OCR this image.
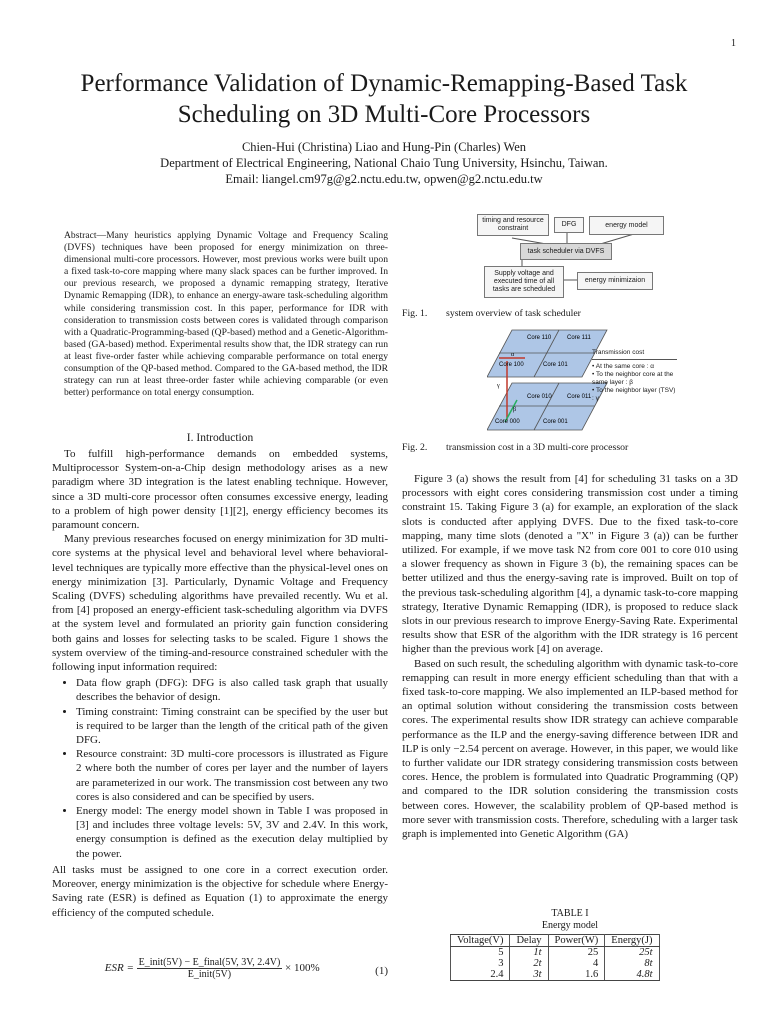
1
Performance Validation of Dynamic-Remapping-Based Task Scheduling on 3D Multi-Core Processors
Chien-Hui (Christina) Liao and Hung-Pin (Charles) Wen
Department of Electrical Engineering, National Chaio Tung University, Hsinchu, Taiwan.
Email: liangel.cm97g@g2.nctu.edu.tw, opwen@g2.nctu.edu.tw
Abstract—Many heuristics applying Dynamic Voltage and Frequency Scaling (DVFS) techniques have been proposed for energy minimization on three-dimensional multi-core processors. However, most previous works were built upon a fixed task-to-core mapping where many slack spaces can be further improved. In our previous research, we proposed a dynamic remapping strategy, Iterative Dynamic Remapping (IDR), to enhance an energy-aware task-scheduling algorithm while considering transmission cost. In this paper, performance for IDR with consideration to transmission costs between cores is validated through comparison with a Quadratic-Programming-based (QP-based) method and a Genetic-Algorithm-based (GA-based) method. Experimental results show that, the IDR strategy can run at least five-order faster while achieving comparable performance on total energy consumption of the QP-based method. Compared to the GA-based method, the IDR strategy can run at least three-order faster while achieving comparable (or even better) performance on total energy consumption.
I. Introduction

To fulfill high-performance demands on embedded systems, Multiprocessor System-on-a-Chip design methodology arises as a new paradigm where 3D integration is the latest enabling technique. However, since a 3D multi-core processor often consumes excessive energy, leading to a problem of high power density [1][2], energy efficiency becomes its paramount concern.

Many previous researches focused on energy minimization for 3D multi-core systems at the physical level and behavioral level where behavioral-level techniques are typically more effective than the physical-level ones on energy minimization [3]. Particularly, Dynamic Voltage and Frequency Scaling (DVFS) scheduling algorithms have prevailed recently. Wu et al. from [4] proposed an energy-efficient task-scheduling algorithm via DVFS at the system level and formulated an priority gain function considering both gains and losses for selecting tasks to be scaled. Figure 1 shows the system overview of the timing-and-resource constrained scheduler with the following input information required:

• Data flow graph (DFG): DFG is also called task graph that usually describes the behavior of design.
• Timing constraint: Timing constraint can be specified by the user but is required to be larger than the length of the critical path of the given DFG.
• Resource constraint: 3D multi-core processors is illustrated as Figure 2 where both the number of cores per layer and the number of layers are parameterized in our work. The transmission cost between any two cores is also considered and can be specified by users.
• Energy model: The energy model shown in Table I was proposed in [3] and includes three voltage levels: 5V, 3V and 2.4V. In this work, energy consumption is defined as the execution delay multiplied by the power.

All tasks must be assigned to one core in a correct execution order. Moreover, energy minimization is the objective for schedule where Energy-Saving rate (ESR) is defined as Equation (1) to approximate the energy efficiency of the computed schedule.

ESR = $\frac{\text{E\_init(5V) − E\_final(5V, 3V, 2.4V)}}{\text{E\_init(5V)}} \times 100\%$	(1)
timing and resource constraint
DFG	energy model
task scheduler via DVFS
Supply voltage and executed time of all tasks are scheduled
energy minimizaion
Fig. 1. system overview of task scheduler
Core 110	Core 111
Core 100	Core 101
Core 010	Core 011
Core 000	Core 001
α
γ
β
Transmission cost
• At the same core : α
• To the neighbor core at the same layer : β
• To the neighbor layer (TSV) : γ
Fig. 2. transmission cost in a 3D multi-core processor

Figure 3 (a) shows the result from [4] for scheduling 31 tasks on a 3D processors with eight cores considering transmission cost under a timing constraint 15. Taking Figure 3 (a) for example, an exploration of the slack slots is conducted after applying DVFS. Due to the fixed task-to-core mapping, many time slots (denoted a "X" in Figure 3 (a)) can be further utilized. For example, if we move task N2 from core 001 to core 010 using a slower frequency as shown in Figure 3 (b), the remaining spaces can be better utilized and thus the energy-saving rate is improved. Built on top of the previous task-scheduling algorithm [4], a dynamic task-to-core mapping strategy, Iterative Dynamic Remapping (IDR), is proposed to reduce slack slots in our previous research to improve Energy-Saving Rate. Experimental results show that ESR of the algorithm with the IDR strategy is 16 percent higher than the previous work [4] on average.

Based on such result, the scheduling algorithm with dynamic task-to-core remapping can result in more energy efficient scheduling than that with a fixed task-to-core mapping. We also implemented an ILP-based method for an optimal solution without considering the transmission costs between cores. The experimental results show IDR strategy can achieve comparable performance as the ILP and the energy-saving difference between IDR and ILP is only −2.54 percent on average. However, in this paper, we would like to further validate our IDR strategy considering transmission costs between cores. Hence, the problem is formulated into Quadratic Programming (QP) and compared to the IDR solution considering the transmission costs between cores. However, the scalability problem of QP-based method is more sever with transmission costs. Therefore, scheduling with a larger task graph is implemented into Genetic Algorithm (GA)

TABLE I
Energy model
Voltage(V)	Delay	Power(W)	Energy(J)
5	1t	25	25t
3	2t	4	8t
2.4	3t	1.6	4.8t
